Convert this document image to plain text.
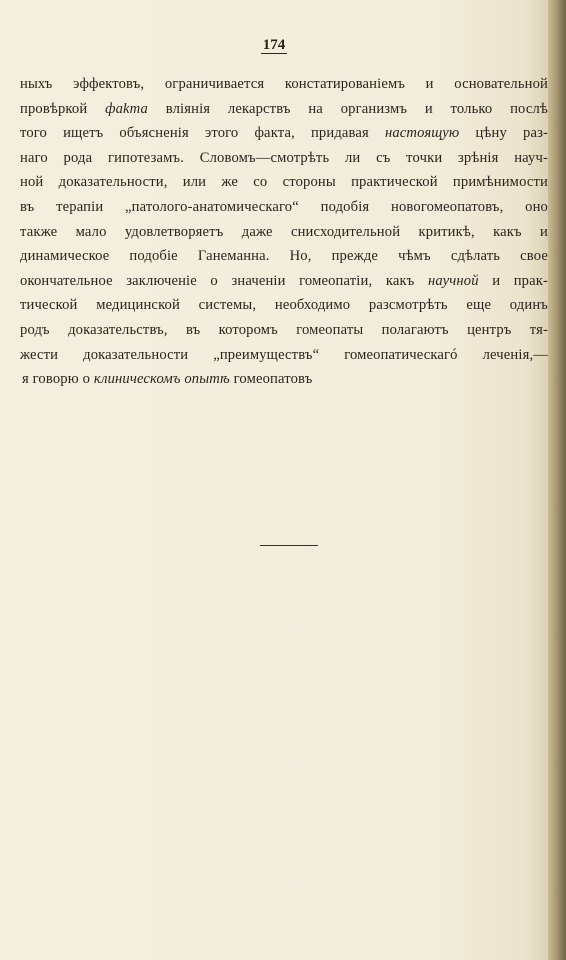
174
ныхъ эффектовъ, ограничивается констатированіемъ и основательной
провѣркой фаkта вліянія лекарствъ на организмъ и только послѣ
того ищетъ объясненія этого факта, придавая настоящую цѣну раз-
наго рода гипотезамъ. Словомъ—смотрѣть ли съ точки зрѣнія науч-
ной доказательности, или же со стороны практической примѣнимости
въ терапіи „патолого-анатомическаго“ подобія новогомеопатовъ, оно
также мало удовлетворяетъ даже снисходительной критикѣ, какъ и
динамическое подобіе Ганеманна. Но, прежде чѣмъ сдѣлать свое
окончательное заключеніе о значеніи гомеопатіи, какъ научной и прак-
тической медицинской системы, необходимо разсмотрѣть еще одинъ
родъ доказательствъ, въ которомъ гомеопаты полагаютъ центръ тя-
жести доказательности „преимуществъ“ гомеопатическагó леченія,—
я говорю о клиническомъ опытѣ гомеопатовъ
